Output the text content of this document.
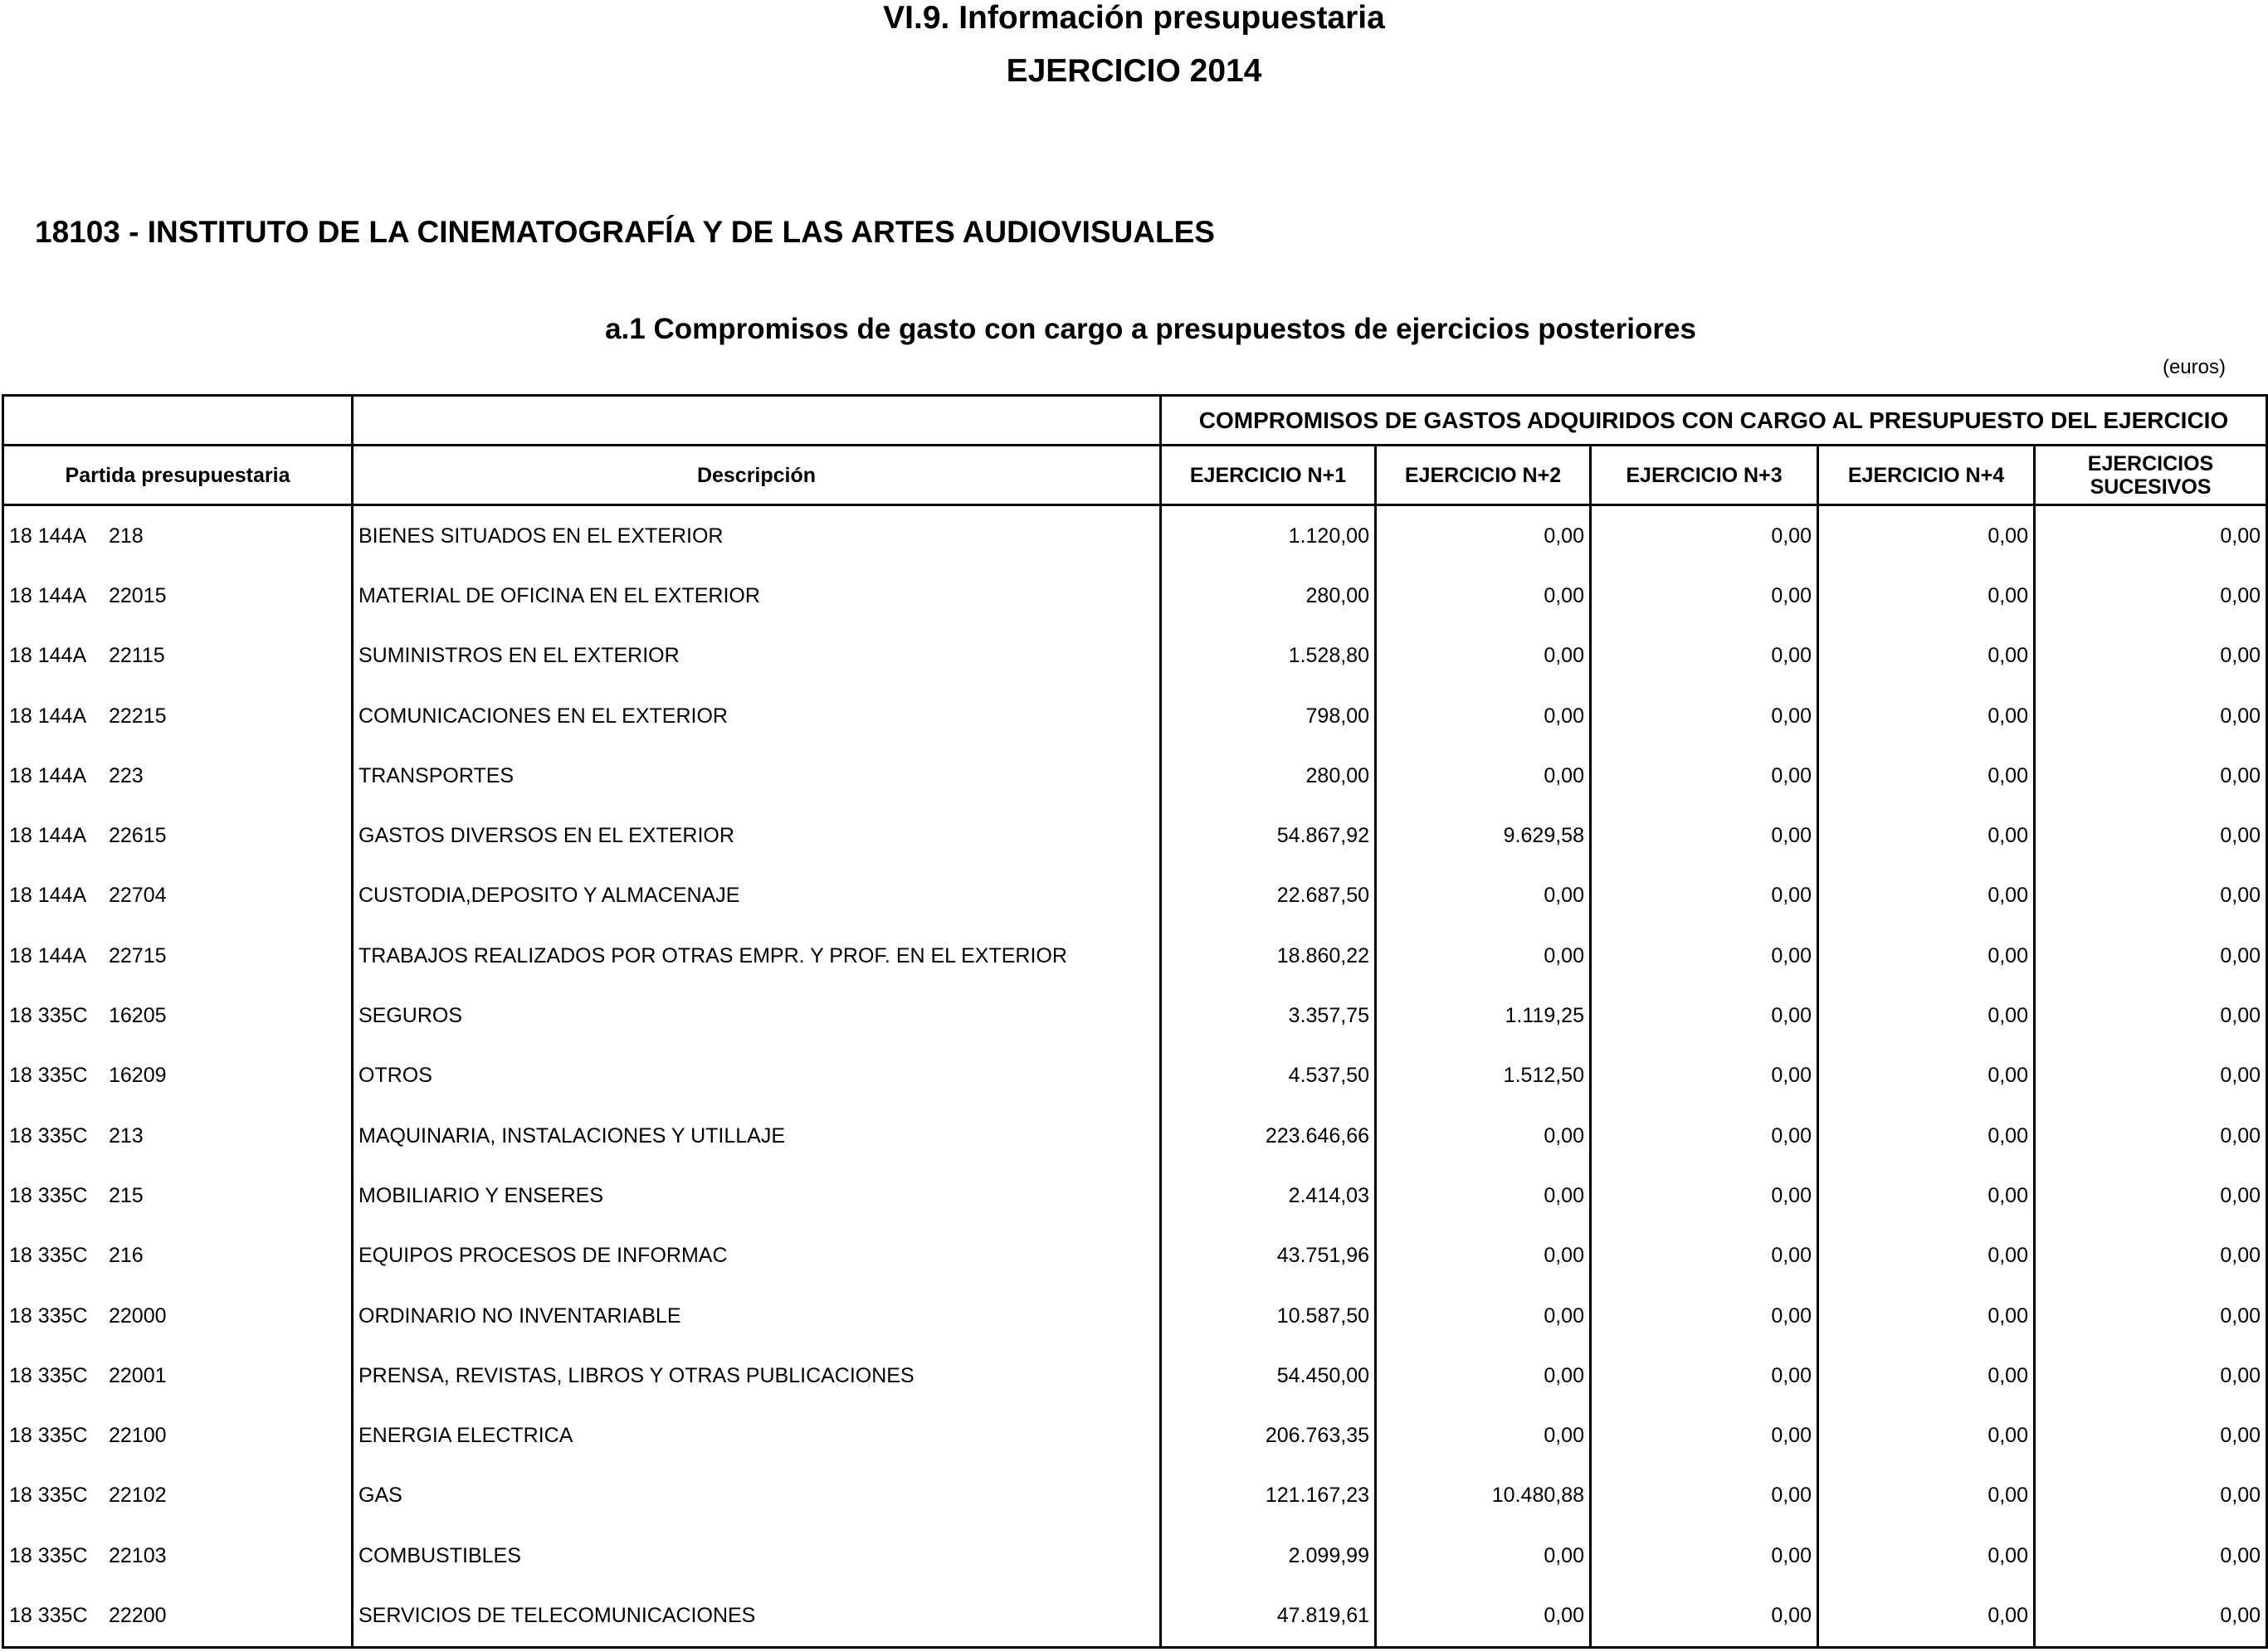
VI.9. Información presupuestaria
EJERCICIO 2014
18103 - INSTITUTO DE LA CINEMATOGRAFÍA Y DE LAS ARTES AUDIOVISUALES
a.1 Compromisos de gasto con cargo a presupuestos de ejercicios posteriores
(euros)
		COMPROMISOS DE GASTOS ADQUIRIDOS CON CARGO AL PRESUPUESTO DEL EJERCICIO				
Partida presupuestaria	Descripción	EJERCICIO N+1	EJERCICIO N+2	EJERCICIO N+3	EJERCICIO N+4	EJERCICIOS
SUCESIVOS

18 144A 218	BIENES SITUADOS EN EL EXTERIOR	1.120,00	0,00	0,00	0,00	0,00
18 144A 22015	MATERIAL DE OFICINA EN EL EXTERIOR	280,00	0,00	0,00	0,00	0,00
18 144A 22115	SUMINISTROS EN EL EXTERIOR	1.528,80	0,00	0,00	0,00	0,00
18 144A 22215	COMUNICACIONES EN EL EXTERIOR	798,00	0,00	0,00	0,00	0,00
18 144A 223	TRANSPORTES	280,00	0,00	0,00	0,00	0,00
18 144A 22615	GASTOS DIVERSOS EN EL EXTERIOR	54.867,92	9.629,58	0,00	0,00	0,00
18 144A 22704	CUSTODIA,DEPOSITO Y ALMACENAJE	22.687,50	0,00	0,00	0,00	0,00
18 144A 22715	TRABAJOS REALIZADOS POR OTRAS EMPR. Y PROF. EN EL EXTERIOR	18.860,22	0,00	0,00	0,00	0,00
18 335C 16205	SEGUROS	3.357,75	1.119,25	0,00	0,00	0,00
18 335C 16209	OTROS	4.537,50	1.512,50	0,00	0,00	0,00
18 335C 213	MAQUINARIA, INSTALACIONES Y UTILLAJE	223.646,66	0,00	0,00	0,00	0,00
18 335C 215	MOBILIARIO Y ENSERES	2.414,03	0,00	0,00	0,00	0,00
18 335C 216	EQUIPOS PROCESOS DE INFORMAC	43.751,96	0,00	0,00	0,00	0,00
18 335C 22000	ORDINARIO NO INVENTARIABLE	10.587,50	0,00	0,00	0,00	0,00
18 335C 22001	PRENSA, REVISTAS, LIBROS Y OTRAS PUBLICACIONES	54.450,00	0,00	0,00	0,00	0,00
18 335C 22100	ENERGIA ELECTRICA	206.763,35	0,00	0,00	0,00	0,00
18 335C 22102	GAS	121.167,23	10.480,88	0,00	0,00	0,00
18 335C 22103	COMBUSTIBLES	2.099,99	0,00	0,00	0,00	0,00
18 335C 22200	SERVICIOS DE TELECOMUNICACIONES	47.819,61	0,00	0,00	0,00	0,00
